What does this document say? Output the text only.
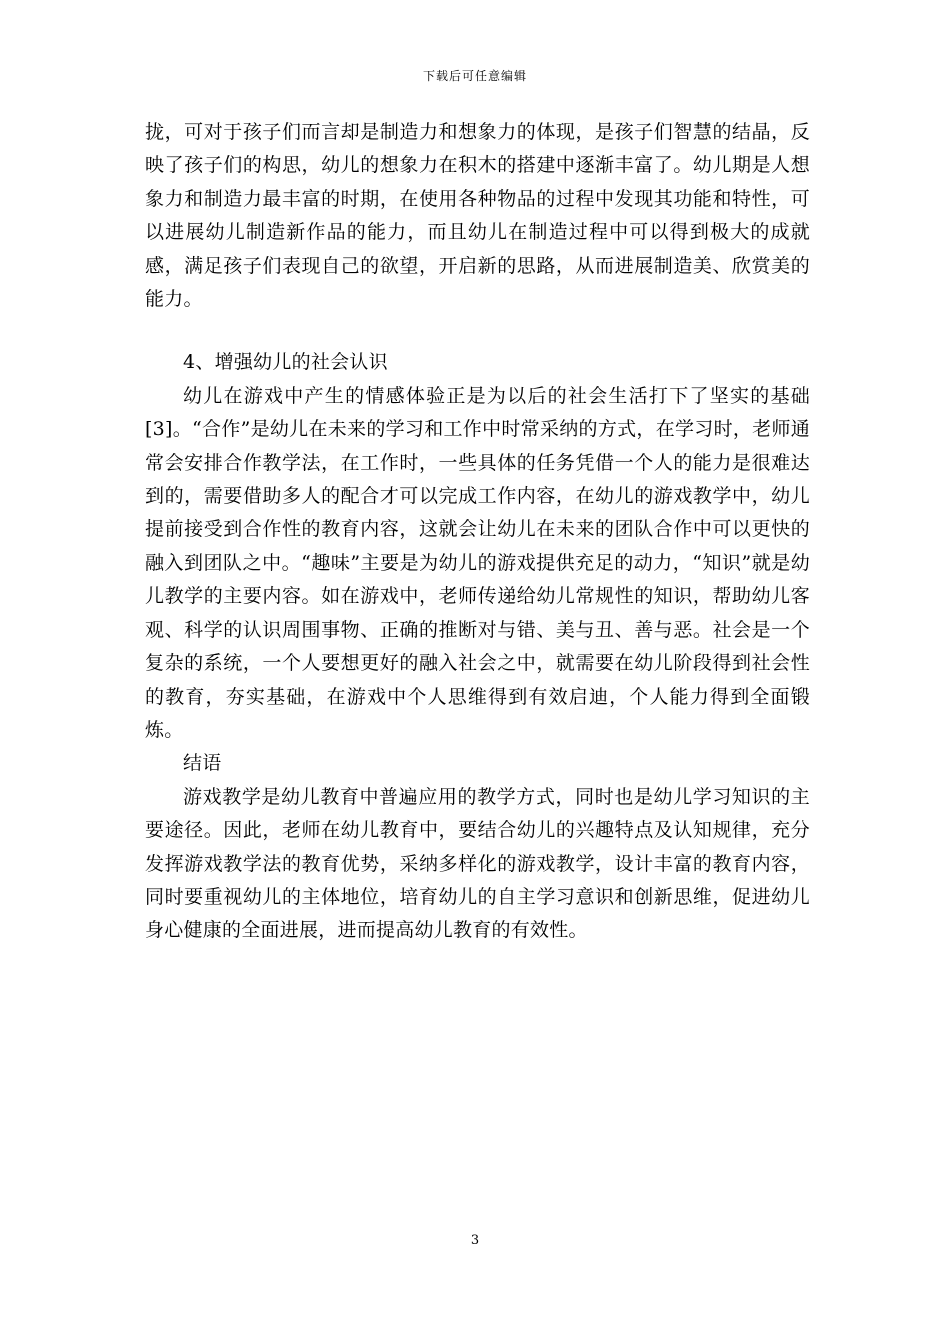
下载后可任意编辑

拢，可对于孩子们而言却是制造力和想象力的体现，是孩子们智慧的结晶，反映了孩子们的构思，幼儿的想象力在积木的搭建中逐渐丰富了。幼儿期是人想象力和制造力最丰富的时期，在使用各种物品的过程中发现其功能和特性，可以进展幼儿制造新作品的能力，而且幼儿在制造过程中可以得到极大的成就感，满足孩子们表现自己的欲望，开启新的思路，从而进展制造美、欣赏美的能力。

4、增强幼儿的社会认识

幼儿在游戏中产生的情感体验正是为以后的社会生活打下了坚实的基础[3]。“合作”是幼儿在未来的学习和工作中时常采纳的方式，在学习时，老师通常会安排合作教学法，在工作时，一些具体的任务凭借一个人的能力是很难达到的，需要借助多人的配合才可以完成工作内容，在幼儿的游戏教学中，幼儿提前接受到合作性的教育内容，这就会让幼儿在未来的团队合作中可以更快的融入到团队之中。“趣味”主要是为幼儿的游戏提供充足的动力，“知识”就是幼儿教学的主要内容。如在游戏中，老师传递给幼儿常规性的知识，帮助幼儿客观、科学的认识周围事物、正确的推断对与错、美与丑、善与恶。社会是一个复杂的系统，一个人要想更好的融入社会之中，就需要在幼儿阶段得到社会性的教育，夯实基础，在游戏中个人思维得到有效启迪，个人能力得到全面锻炼。

结语

游戏教学是幼儿教育中普遍应用的教学方式，同时也是幼儿学习知识的主要途径。因此，老师在幼儿教育中，要结合幼儿的兴趣特点及认知规律，充分发挥游戏教学法的教育优势，采纳多样化的游戏教学，设计丰富的教育内容，同时要重视幼儿的主体地位，培育幼儿的自主学习意识和创新思维，促进幼儿身心健康的全面进展，进而提高幼儿教育的有效性。

3
